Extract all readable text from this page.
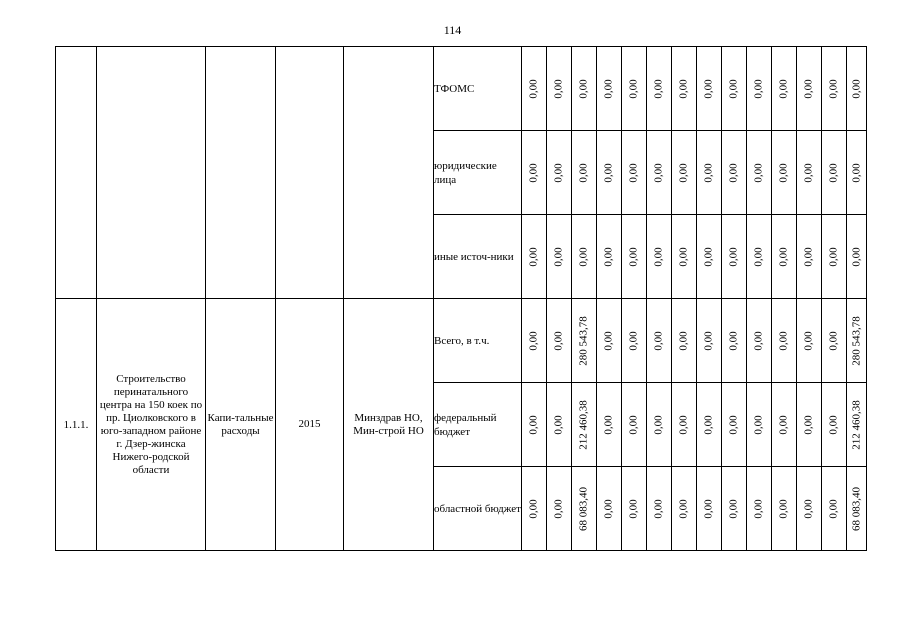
114
					ТФОМС	0,00	0,00	0,00	0,00	0,00	0,00	0,00	0,00	0,00	0,00	0,00	0,00	0,00	0,00

					юридические лица	0,00	0,00	0,00	0,00	0,00	0,00	0,00	0,00	0,00	0,00	0,00	0,00	0,00	0,00

					иные источ-ники	0,00	0,00	0,00	0,00	0,00	0,00	0,00	0,00	0,00	0,00	0,00	0,00	0,00	0,00

1.1.1.	Строительство перинатального центра на 150 коек по пр. Циолковского в юго-западном районе г. Дзер-жинска Нижего-родской области	Капи-тальные расходы	2015	Минздрав НО, Мин-строй НО	Всего, в т.ч.	0,00	0,00	280 543,78	0,00	0,00	0,00	0,00	0,00	0,00	0,00	0,00	0,00	0,00	280 543,78

					федеральный бюджет	0,00	0,00	212 460,38	0,00	0,00	0,00	0,00	0,00	0,00	0,00	0,00	0,00	0,00	212 460,38

					областной бюджет	0,00	0,00	68 083,40	0,00	0,00	0,00	0,00	0,00	0,00	0,00	0,00	0,00	0,00	68 083,40
